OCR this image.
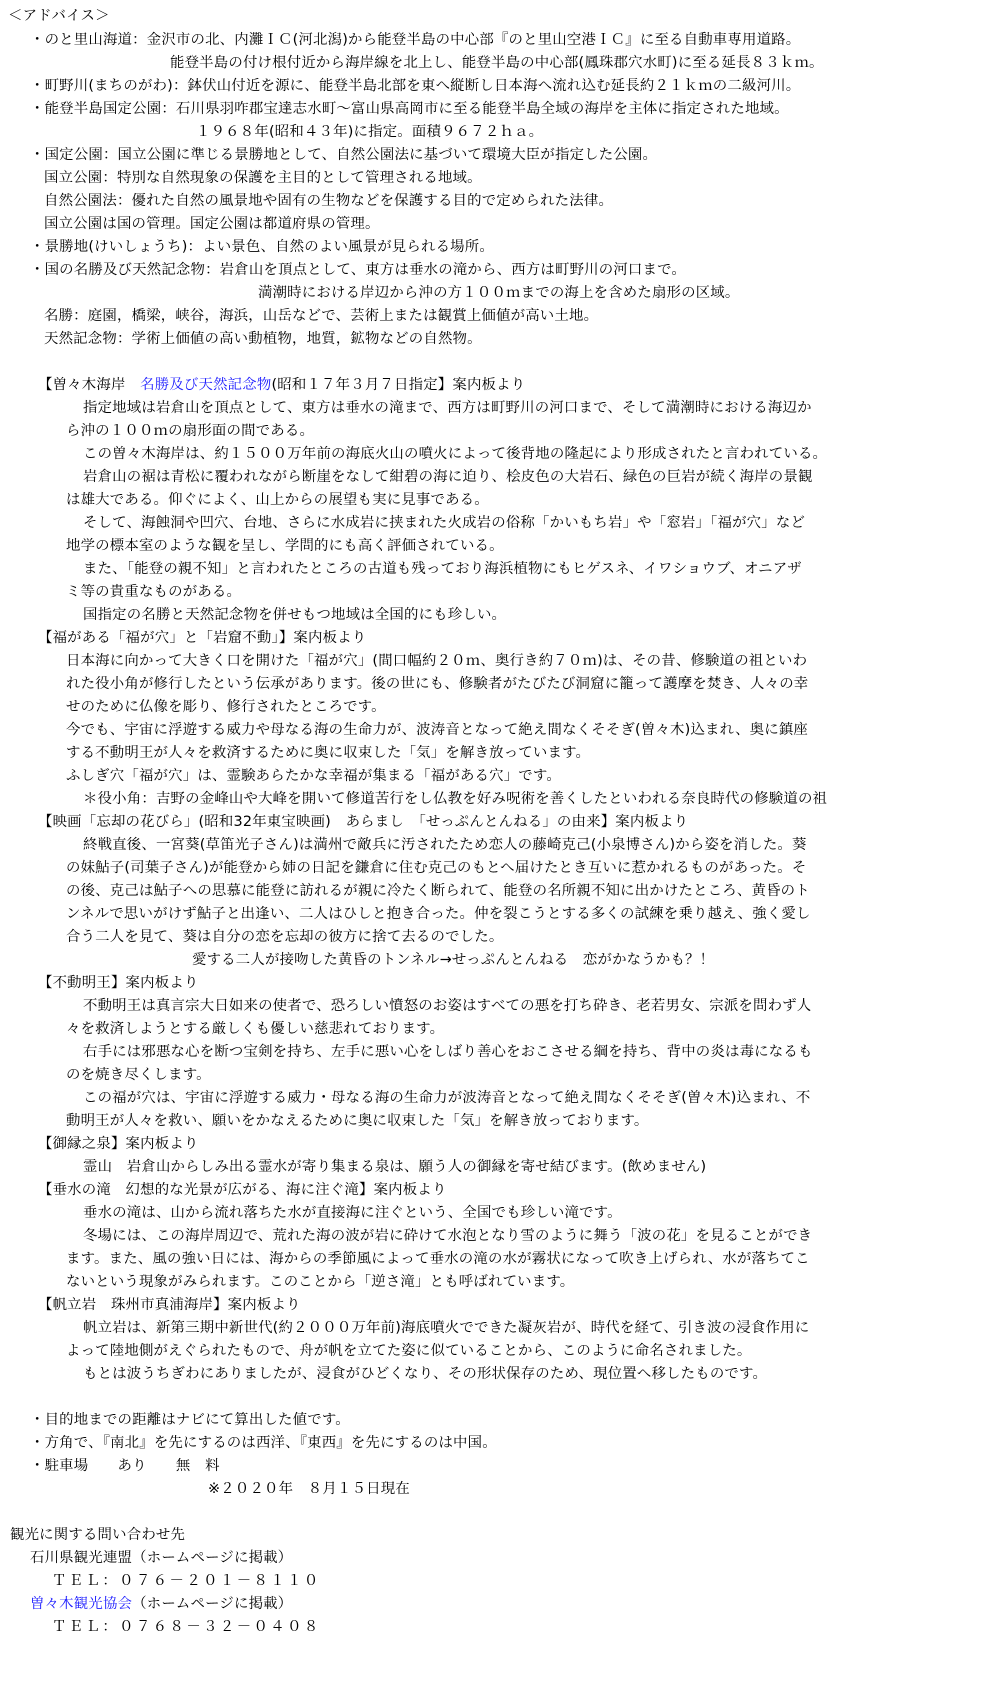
＜アドバイス＞
・のと里山海道：金沢市の北、内灘ＩＣ(河北潟)から能登半島の中心部『のと里山空港ＩＣ』に至る自動車専用道路。
能登半島の付け根付近から海岸線を北上し、能登半島の中心部(鳳珠郡穴水町)に至る延長８３ｋｍ。
・町野川(まちのがわ)：鉢伏山付近を源に、能登半島北部を東へ縦断し日本海へ流れ込む延長約２１ｋｍの二級河川。
・能登半島国定公園：石川県羽咋郡宝達志水町～富山県高岡市に至る能登半島全域の海岸を主体に指定された地域。
１９６８年(昭和４３年)に指定。面積９６７２ｈａ。
・国定公園：国立公園に準じる景勝地として、自然公園法に基づいて環境大臣が指定した公園。
国立公園：特別な自然現象の保護を主目的として管理される地域。
自然公園法：優れた自然の風景地や固有の生物などを保護する目的で定められた法律。
国立公園は国の管理。国定公園は都道府県の管理。
・景勝地(けいしょうち)：よい景色、自然のよい風景が見られる場所。
・国の名勝及び天然記念物：岩倉山を頂点として、東方は垂水の滝から、西方は町野川の河口まで。
満潮時における岸辺から沖の方１００ｍまでの海上を含めた扇形の区域。
名勝：庭園，橋梁，峡谷，海浜，山岳などで、芸術上または観賞上価値が高い土地。
天然記念物：学術上価値の高い動植物，地質，鉱物などの自然物。
【曽々木海岸　名勝及び天然記念物(昭和１７年３月７日指定】案内板より
指定地域は岩倉山を頂点として、東方は垂水の滝まで、西方は町野川の河口まで、そして満潮時における海辺か
ら沖の１００ｍの扇形面の間である。
この曽々木海岸は、約１５００万年前の海底火山の噴火によって後背地の隆起により形成されたと言われている。
岩倉山の裾は青松に覆われながら断崖をなして紺碧の海に迫り、桧皮色の大岩石、緑色の巨岩が続く海岸の景観
は雄大である。仰ぐによく、山上からの展望も実に見事である。
そして、海蝕洞や凹穴、台地、さらに水成岩に挟まれた火成岩の俗称「かいもち岩」や「窓岩」「福が穴」など
地学の標本室のような観を呈し、学問的にも高く評価されている。
また、「能登の親不知」と言われたところの古道も残っており海浜植物にもヒゲスネ、イワショウブ、オニアザ
ミ等の貴重なものがある。
国指定の名勝と天然記念物を併せもつ地域は全国的にも珍しい。
【福がある「福が穴」と「岩窟不動」】案内板より
日本海に向かって大きく口を開けた「福が穴」(間口幅約２０ｍ、奥行き約７０ｍ)は、その昔、修験道の祖といわ
れた役小角が修行したという伝承があります。後の世にも、修験者がたびたび洞窟に籠って護摩を焚き、人々の幸
せのために仏像を彫り、修行されたところです。
今でも、宇宙に浮遊する威力や母なる海の生命力が、波涛音となって絶え間なくそそぎ(曽々木)込まれ、奥に鎮座
する不動明王が人々を救済するために奥に収束した「気」を解き放っています。
ふしぎ穴「福が穴」は、霊験あらたかな幸福が集まる「福がある穴」です。
＊役小角：吉野の金峰山や大峰を開いて修道苦行をし仏教を好み呪術を善くしたといわれる奈良時代の修験道の祖
【映画「忘却の花びら」(昭和32年東宝映画)　あらまし　「せっぷんとんねる」の由来】案内板より
終戦直後、一宮葵(草笛光子さん)は満州で敵兵に汚されたため恋人の藤崎克己(小泉博さん)から姿を消した。葵
の妹鮎子(司葉子さん)が能登から姉の日記を鎌倉に住む克己のもとへ届けたとき互いに惹かれるものがあった。そ
の後、克己は鮎子への思慕に能登に訪れるが親に冷たく断られて、能登の名所親不知に出かけたところ、黄昏のト
ンネルで思いがけず鮎子と出逢い、二人はひしと抱き合った。仲を裂こうとする多くの試練を乗り越え、強く愛し
合う二人を見て、葵は自分の恋を忘却の彼方に捨て去るのでした。
愛する二人が接吻した黄昏のトンネル→せっぷんとんねる　恋がかなうかも？！
【不動明王】案内板より
不動明王は真言宗大日如来の使者で、恐ろしい憤怒のお姿はすべての悪を打ち砕き、老若男女、宗派を問わず人
々を救済しようとする厳しくも優しい慈悲れております。
右手には邪悪な心を断つ宝剣を持ち、左手に悪い心をしばり善心をおこさせる綱を持ち、背中の炎は毒になるも
のを焼き尽くします。
この福が穴は、宇宙に浮遊する威力・母なる海の生命力が波涛音となって絶え間なくそそぎ(曽々木)込まれ、不
動明王が人々を救い、願いをかなえるために奥に収束した「気」を解き放っております。
【御縁之泉】案内板より
霊山　岩倉山からしみ出る霊水が寄り集まる泉は、願う人の御縁を寄せ結びます。(飲めません)
【垂水の滝　幻想的な光景が広がる、海に注ぐ滝】案内板より
垂水の滝は、山から流れ落ちた水が直接海に注ぐという、全国でも珍しい滝です。
冬場には、この海岸周辺で、荒れた海の波が岩に砕けて水泡となり雪のように舞う「波の花」を見ることができ
ます。また、風の強い日には、海からの季節風によって垂水の滝の水が霧状になって吹き上げられ、水が落ちてこ
ないという現象がみられます。このことから「逆さ滝」とも呼ばれています。
【帆立岩　珠州市真浦海岸】案内板より
帆立岩は、新第三期中新世代(約２０００万年前)海底噴火でできた凝灰岩が、時代を経て、引き波の浸食作用に
よって陸地側がえぐられたもので、舟が帆を立てた姿に似ていることから、このように命名されました。
もとは波うちぎわにありましたが、浸食がひどくなり、その形状保存のため、現位置へ移したものです。
・目的地までの距離はナビにて算出した値です。
・方角で、『南北』を先にするのは西洋、『東西』を先にするのは中国。
・駐車場　　あり　　無　料
※２０２０年　８月１５日現在
観光に関する問い合わせ先
石川県観光連盟（ホームページに掲載）
ＴＥＬ：０７６－２０１－８１１０
曽々木観光協会（ホームページに掲載）
ＴＥＬ：０７６８－３２－０４０８
